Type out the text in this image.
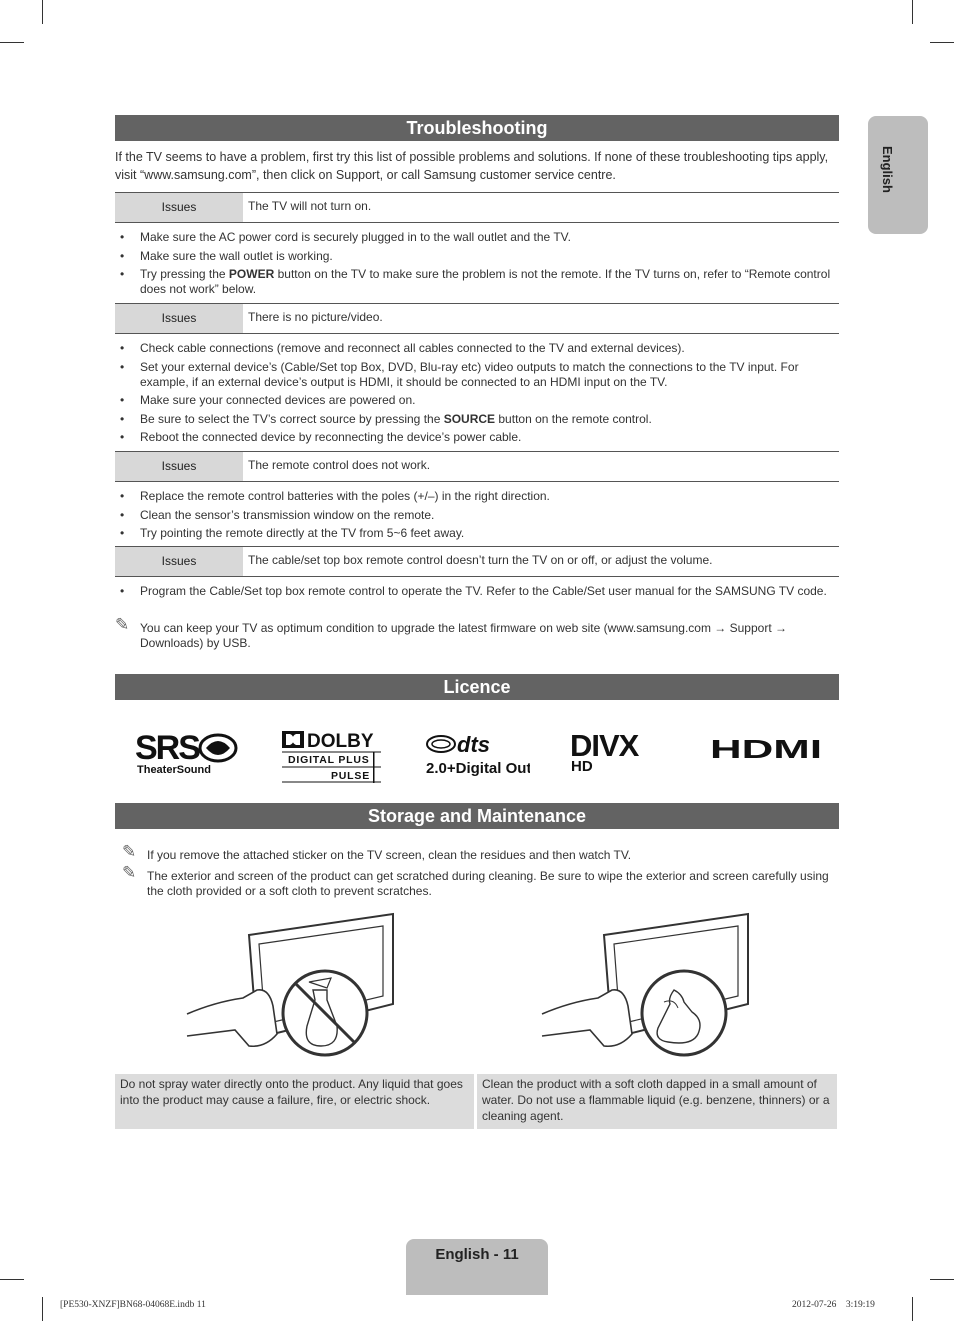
English
Troubleshooting
If the TV seems to have a problem, first try this list of possible problems and solutions. If none of these troubleshooting tips apply, visit “www.samsung.com”, then click on Support, or call Samsung customer service centre.
Issues	The TV will not turn on.
• Make sure the AC power cord is securely plugged in to the wall outlet and the TV.
• Make sure the wall outlet is working.
• Try pressing the POWER button on the TV to make sure the problem is not the remote. If the TV turns on, refer to “Remote control does not work” below.
Issues	There is no picture/video.
• Check cable connections (remove and reconnect all cables connected to the TV and external devices).
• Set your external device’s (Cable/Set top Box, DVD, Blu-ray etc) video outputs to match the connections to the TV input. For example, if an external device’s output is HDMI, it should be connected to an HDMI input on the TV.
• Make sure your connected devices are powered on.
• Be sure to select the TV’s correct source by pressing the SOURCE button on the remote control.
• Reboot the connected device by reconnecting the device’s power cable.
Issues	The remote control does not work.
• Replace the remote control batteries with the poles (+/–) in the right direction.
• Clean the sensor’s transmission window on the remote.
• Try pointing the remote directly at the TV from 5~6 feet away.
Issues	The cable/set top box remote control doesn’t turn the TV on or off, or adjust the volume.
• Program the Cable/Set top box remote control to operate the TV. Refer to the Cable/Set user manual for the SAMSUNG TV code.
✎ You can keep your TV as optimum condition to upgrade the latest firmware on web site (www.samsung.com → Support → Downloads) by USB.
Licence
SRS
TheaterSound
DOLBY
DIGITAL PLUS
PULSE
dts
2.0+Digital Out
DIVX
HD
HDMI
Storage and Maintenance
✎ If you remove the attached sticker on the TV screen, clean the residues and then watch TV.
✎ The exterior and screen of the product can get scratched during cleaning. Be sure to wipe the exterior and screen carefully using the cloth provided or a soft cloth to prevent scratches.
Do not spray water directly onto the product. Any liquid that goes into the product may cause a failure, fire, or electric shock.
Clean the product with a soft cloth dapped in a small amount of water. Do not use a flammable liquid (e.g. benzene, thinners) or a cleaning agent.
English - 11
[PE530-XNZF]BN68-04068E.indb 11	2012-07-26    3:19:19
